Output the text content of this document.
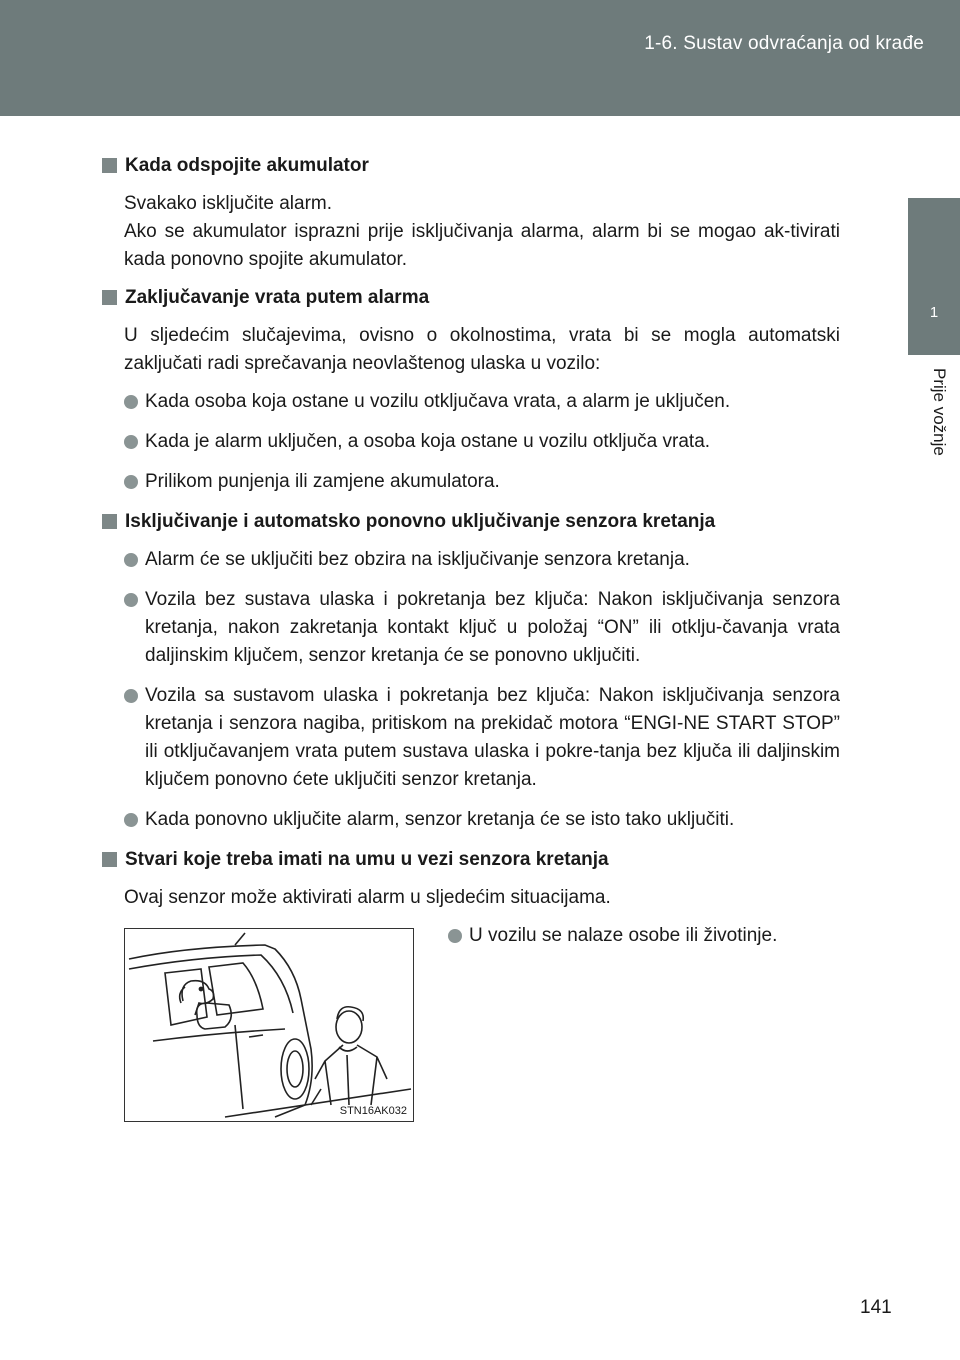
1-6. Sustav odvraćanja od krađe
1
Prije vožnje
Kada odspojite akumulator
Svakako isključite alarm.
Ako se akumulator isprazni prije isključivanja alarma, alarm bi se mogao ak-tivirati kada ponovno spojite akumulator.
Zaključavanje vrata putem alarma
U sljedećim slučajevima, ovisno o okolnostima, vrata bi se mogla automatski zaključati radi sprečavanja neovlaštenog ulaska u vozilo:
Kada osoba koja ostane u vozilu otključava vrata, a alarm je uključen.
Kada je alarm uključen, a osoba koja ostane u vozilu otključa vrata.
Prilikom punjenja ili zamjene akumulatora.
Isključivanje i automatsko ponovno uključivanje senzora kretanja
Alarm će se uključiti bez obzira na isključivanje senzora kretanja.
Vozila bez sustava ulaska i pokretanja bez ključa: Nakon isključivanja senzora kretanja, nakon zakretanja kontakt ključ u položaj “ON” ili otklju-čavanja vrata daljinskim ključem, senzor kretanja će se ponovno uključiti.
Vozila sa sustavom ulaska i pokretanja bez ključa: Nakon isključivanja senzora kretanja i senzora nagiba, pritiskom na prekidač motora “ENGI-NE START STOP” ili otključavanjem vrata putem sustava ulaska i pokre-tanja bez ključa ili daljinskim ključem ponovno ćete uključiti senzor kretanja.
Kada ponovno uključite alarm, senzor kretanja će se isto tako uključiti.
Stvari koje treba imati na umu u vezi senzora kretanja
Ovaj senzor može aktivirati alarm u sljedećim situacijama.
STN16AK032
U vozilu se nalaze osobe ili životinje.
141
